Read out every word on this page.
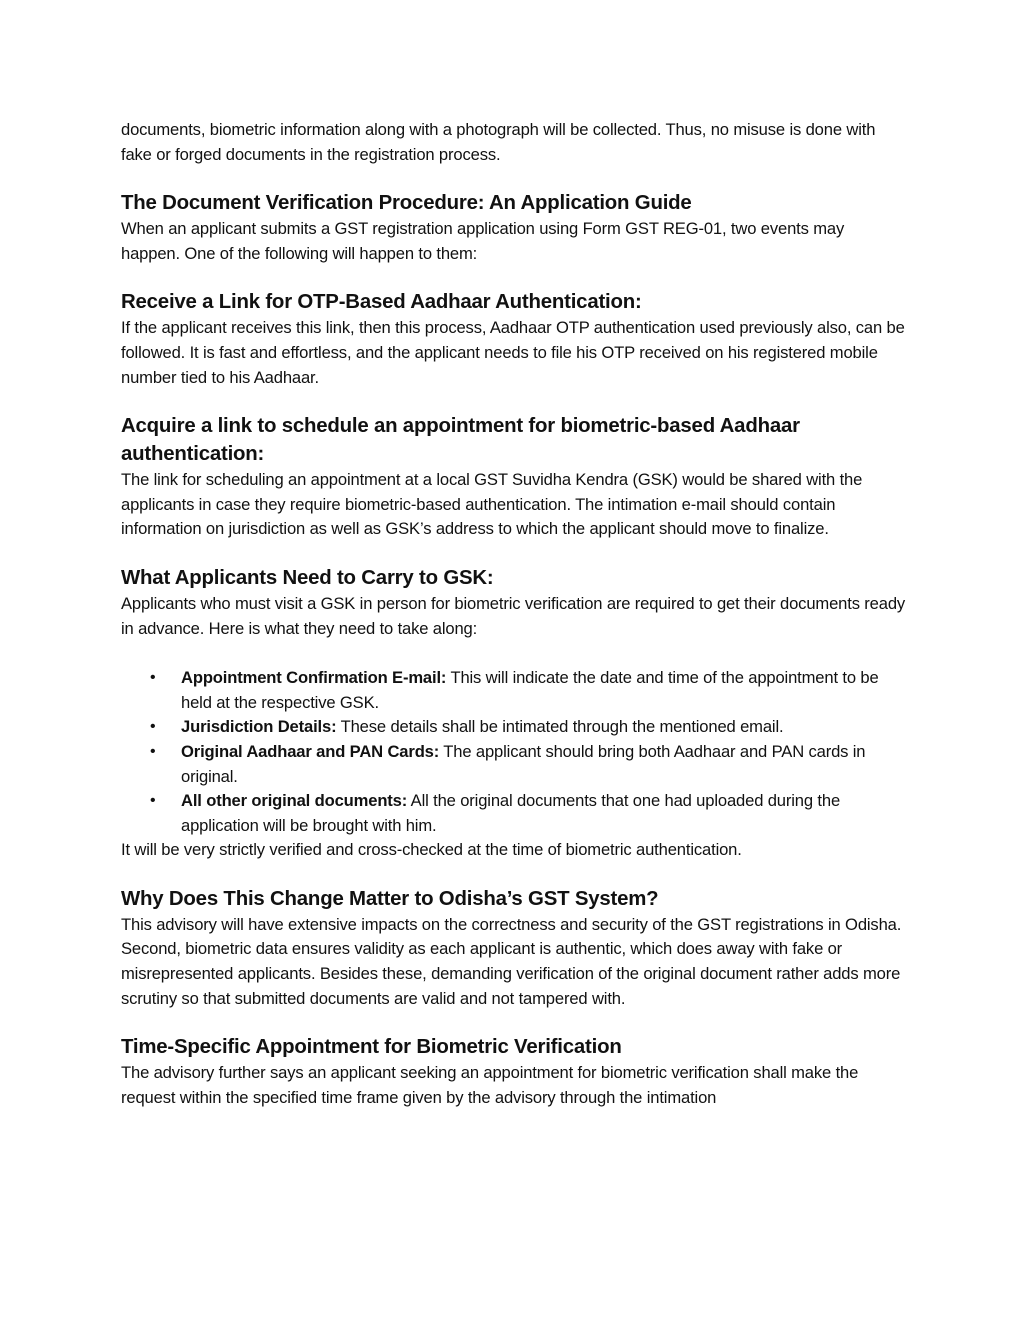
documents, biometric information along with a photograph will be collected. Thus, no misuse is done with fake or forged documents in the registration process.

The Document Verification Procedure: An Application Guide

When an applicant submits a GST registration application using Form GST REG-01, two events may happen. One of the following will happen to them:

Receive a Link for OTP-Based Aadhaar Authentication:

If the applicant receives this link, then this process, Aadhaar OTP authentication used previously also, can be followed. It is fast and effortless, and the applicant needs to file his OTP received on his registered mobile number tied to his Aadhaar.

Acquire a link to schedule an appointment for biometric-based Aadhaar authentication:

The link for scheduling an appointment at a local GST Suvidha Kendra (GSK) would be shared with the applicants in case they require biometric-based authentication. The intimation e-mail should contain information on jurisdiction as well as GSK’s address to which the applicant should move to finalize.

What Applicants Need to Carry to GSK:

Applicants who must visit a GSK in person for biometric verification are required to get their documents ready in advance. Here is what they need to take along:

• Appointment Confirmation E-mail: This will indicate the date and time of the appointment to be held at the respective GSK.
• Jurisdiction Details: These details shall be intimated through the mentioned email.
• Original Aadhaar and PAN Cards: The applicant should bring both Aadhaar and PAN cards in original.
• All other original documents: All the original documents that one had uploaded during the application will be brought with him.

It will be very strictly verified and cross-checked at the time of biometric authentication.

Why Does This Change Matter to Odisha’s GST System?

This advisory will have extensive impacts on the correctness and security of the GST registrations in Odisha. Second, biometric data ensures validity as each applicant is authentic, which does away with fake or misrepresented applicants. Besides these, demanding verification of the original document rather adds more scrutiny so that submitted documents are valid and not tampered with.

Time-Specific Appointment for Biometric Verification

The advisory further says an applicant seeking an appointment for biometric verification shall make the request within the specified time frame given by the advisory through the intimation
